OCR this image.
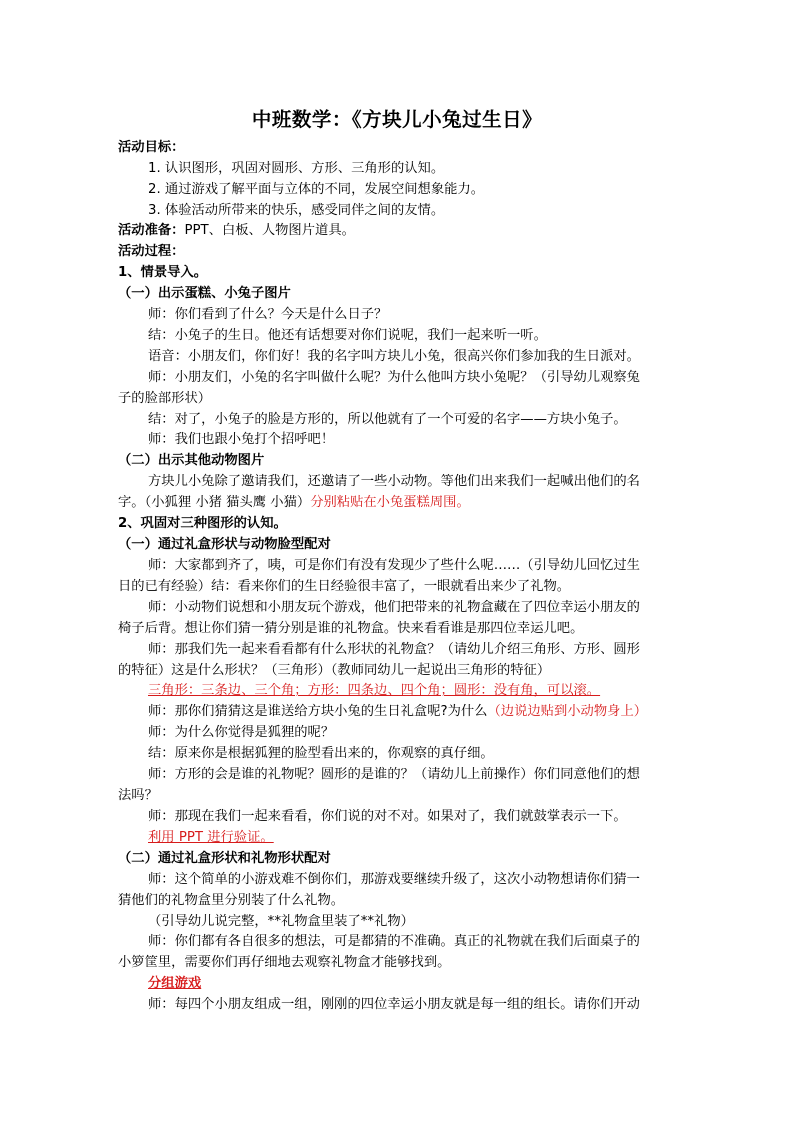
中班数学：《方块儿小兔过生日》
活动目标：
1. 认识图形，巩固对圆形、方形、三角形的认知。
2. 通过游戏了解平面与立体的不同，发展空间想象能力。
3. 体验活动所带来的快乐，感受同伴之间的友情。
活动准备：PPT、白板、人物图片道具。
活动过程：
1、情景导入。
（一）出示蛋糕、小兔子图片
师：你们看到了什么？今天是什么日子？
结：小兔子的生日。他还有话想要对你们说呢，我们一起来听一听。
语音：小朋友们，你们好！我的名字叫方块儿小兔，很高兴你们参加我的生日派对。
师：小朋友们，小兔的名字叫做什么呢？为什么他叫方块小兔呢？（引导幼儿观察兔
子的脸部形状）
结：对了，小兔子的脸是方形的，所以他就有了一个可爱的名字——方块小兔子。
师：我们也跟小兔打个招呼吧！
（二）出示其他动物图片
方块儿小兔除了邀请我们，还邀请了一些小动物。等他们出来我们一起喊出他们的名
字。（小狐狸 小猪 猫头鹰 小猫）分别粘贴在小兔蛋糕周围。
2、巩固对三种图形的认知。
（一）通过礼盒形状与动物脸型配对
师：大家都到齐了，咦，可是你们有没有发现少了些什么呢……（引导幼儿回忆过生
日的已有经验）结：看来你们的生日经验很丰富了，一眼就看出来少了礼物。
师：小动物们说想和小朋友玩个游戏，他们把带来的礼物盒藏在了四位幸运小朋友的
椅子后背。想让你们猜一猜分别是谁的礼物盒。快来看看谁是那四位幸运儿吧。
师：那我们先一起来看看都有什么形状的礼物盒？（请幼儿介绍三角形、方形、圆形
的特征）这是什么形状？（三角形）（教师同幼儿一起说出三角形的特征）
三角形：三条边、三个角；方形：四条边、四个角；圆形：没有角，可以滚。
师：那你们猜猜这是谁送给方块小兔的生日礼盒呢?为什么（边说边贴到小动物身上）
师：为什么你觉得是狐狸的呢？
结：原来你是根据狐狸的脸型看出来的，你观察的真仔细。
师：方形的会是谁的礼物呢？圆形的是谁的？（请幼儿上前操作）你们同意他们的想
法吗？
师：那现在我们一起来看看，你们说的对不对。如果对了，我们就鼓掌表示一下。
利用 PPT 进行验证。
（二）通过礼盒形状和礼物形状配对
师：这个简单的小游戏难不倒你们，那游戏要继续升级了，这次小动物想请你们猜一
猜他们的礼物盒里分别装了什么礼物。
（引导幼儿说完整，**礼物盒里装了**礼物）
师：你们都有各自很多的想法，可是都猜的不准确。真正的礼物就在我们后面桌子的
小箩筐里，需要你们再仔细地去观察礼物盒才能够找到。
分组游戏
师：每四个小朋友组成一组，刚刚的四位幸运小朋友就是每一组的组长。请你们开动
